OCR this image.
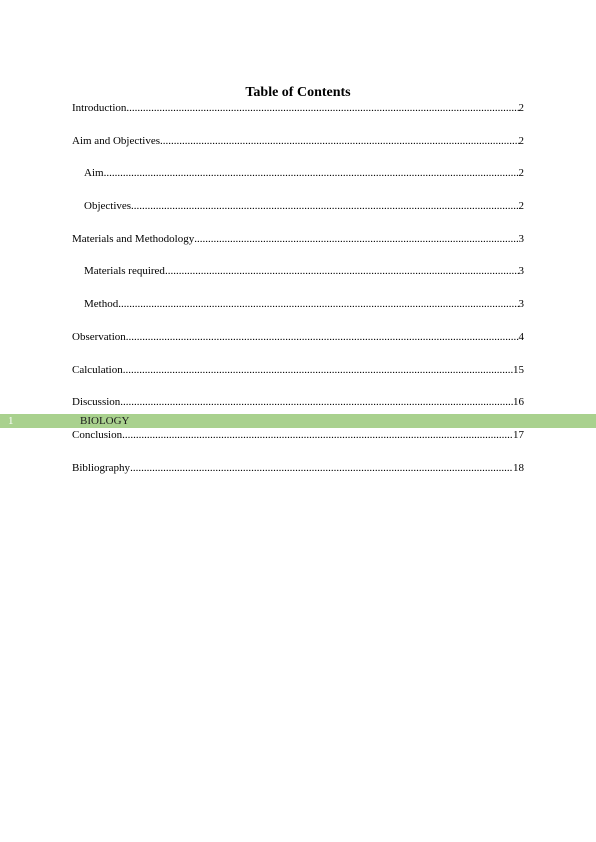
Table of Contents
Introduction .....	2
Aim and Objectives .....	2
Aim .....	2
Objectives .....	2
Materials and Methodology .....	3
Materials required .....	3
Method .....	3
Observation .....	4
Calculation .....	15
Discussion .....	16
Conclusion .....	17
Bibliography .....	18
1	BIOLOGY
